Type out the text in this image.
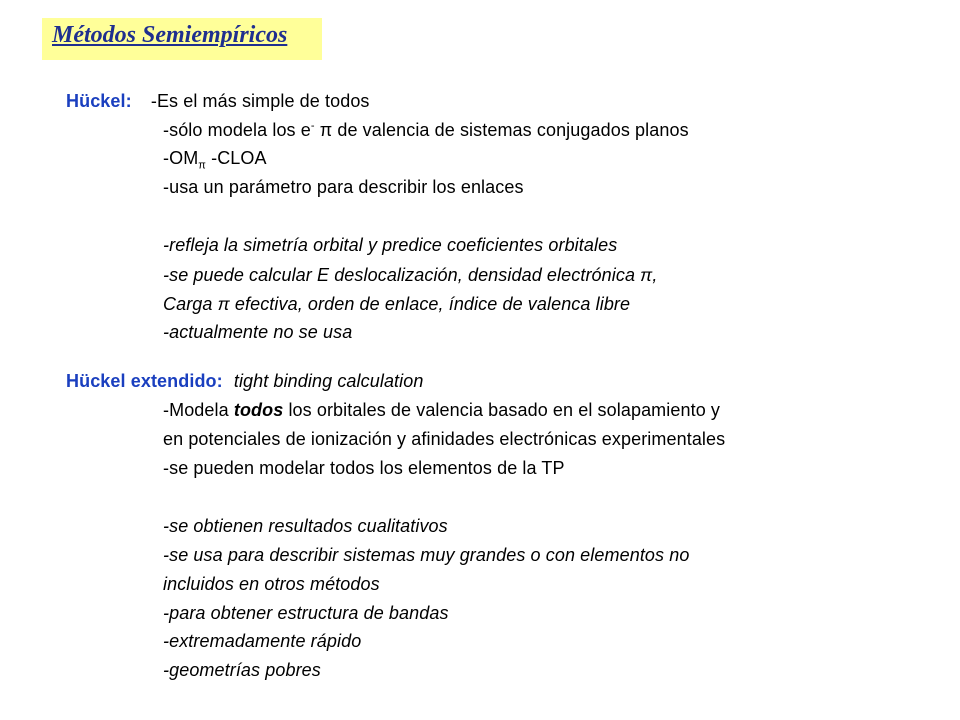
Métodos Semiempíricos
Hückel: -Es el más simple de todos
-sólo modela los e- π de valencia de sistemas conjugados planos
$-OM_\pi$ -CLOA
-usa un parámetro para describir los enlaces
-refleja la simetría orbital y predice coeficientes orbitales
-se puede calcular E deslocalización, densidad electrónica π,
Carga π efectiva, orden de enlace, índice de valenca libre
-actualmente no se usa
Hückel extendido: tight binding calculation
-Modela todos los orbitales de valencia basado en el solapamiento y
en potenciales de ionización y afinidades electrónicas experimentales
-se pueden modelar todos los elementos de la TP
-se obtienen resultados cualitativos
-se usa para describir sistemas muy grandes o con elementos no
incluidos en otros métodos
-para obtener estructura de bandas
-extremadamente rápido
-geometrías pobres
